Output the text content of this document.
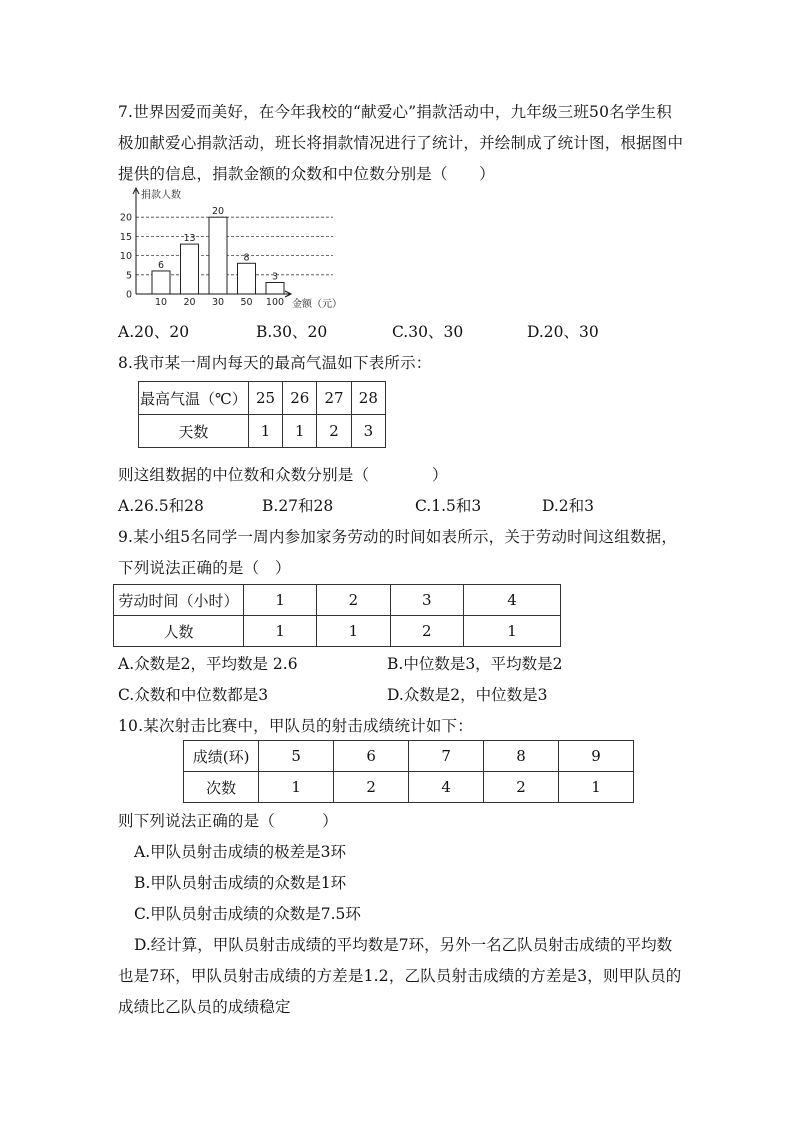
7.世界因爱而美好，在今年我校的“献爱心”捐款活动中，九年级三班50名学生积
极加献爱心捐款活动，班长将捐款情况进行了统计，并绘制成了统计图，根据图中
提供的信息，捐款金额的众数和中位数分别是（　　）
0
5
10
15
20
6
10
13
20
20
30
8
50
3
100
捐款人数
金额（元）
A.20、20	B.30、20	C.30、30	D.20、30
8.我市某一周内每天的最高气温如下表所示：
最高气温（℃）	25	26	27	28
天数	1	1	2	3
则这组数据的中位数和众数分别是（　　　　）
A.26.5和28	B.27和28	C.1.5和3	D.2和3
9.某小组5名同学一周内参加家务劳动的时间如表所示，关于劳动时间这组数据，
下列说法正确的是（　）
劳动时间（小时）	1	2	3	4
人数	1	1	2	1
A.众数是2，平均数是 2.6	B.中位数是3，平均数是2
C.众数和中位数都是3	D.众数是2，中位数是3
10.某次射击比赛中，甲队员的射击成绩统计如下：
成绩(环)	5	6	7	8	9
次数	1	2	4	2	1
则下列说法正确的是（　　　）
A.甲队员射击成绩的极差是3环
B.甲队员射击成绩的众数是1环
C.甲队员射击成绩的众数是7.5环
D.经计算，甲队员射击成绩的平均数是7环，另外一名乙队员射击成绩的平均数
也是7环，甲队员射击成绩的方差是1.2，乙队员射击成绩的方差是3，则甲队员的
成绩比乙队员的成绩稳定
